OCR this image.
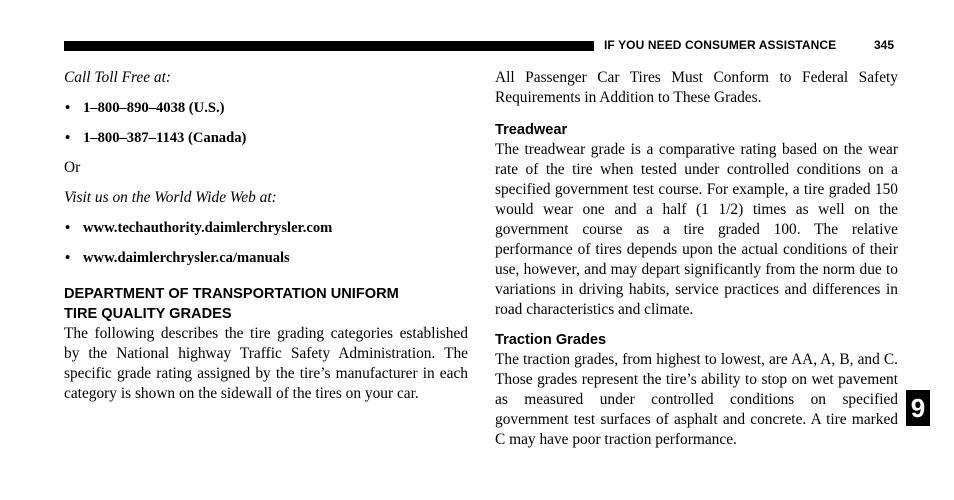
IF YOU NEED CONSUMER ASSISTANCE	345

Call Toll Free at:

• 1–800–890–4038 (U.S.)

• 1–800–387–1143 (Canada)

Or

Visit us on the World Wide Web at:

• www.techauthority.daimlerchrysler.com

• www.daimlerchrysler.ca/manuals

DEPARTMENT OF TRANSPORTATION UNIFORM

TIRE QUALITY GRADES

The following describes the tire grading categories established by the National highway Traffic Safety Administration. The specific grade rating assigned by the tire’s manufacturer in each category is shown on the sidewall of the tires on your car.

All Passenger Car Tires Must Conform to Federal Safety Requirements in Addition to These Grades.

Treadwear

The treadwear grade is a comparative rating based on the wear rate of the tire when tested under controlled conditions on a specified government test course. For example, a tire graded 150 would wear one and a half (1 1/2) times as well on the government course as a tire graded 100. The relative performance of tires depends upon the actual conditions of their use, however, and may depart significantly from the norm due to variations in driving habits, service practices and differences in road characteristics and climate.

Traction Grades

The traction grades, from highest to lowest, are AA, A, B, and C. Those grades represent the tire’s ability to stop on wet pavement as measured under controlled conditions on specified government test surfaces of asphalt and concrete. A tire marked C may have poor traction performance.

9
